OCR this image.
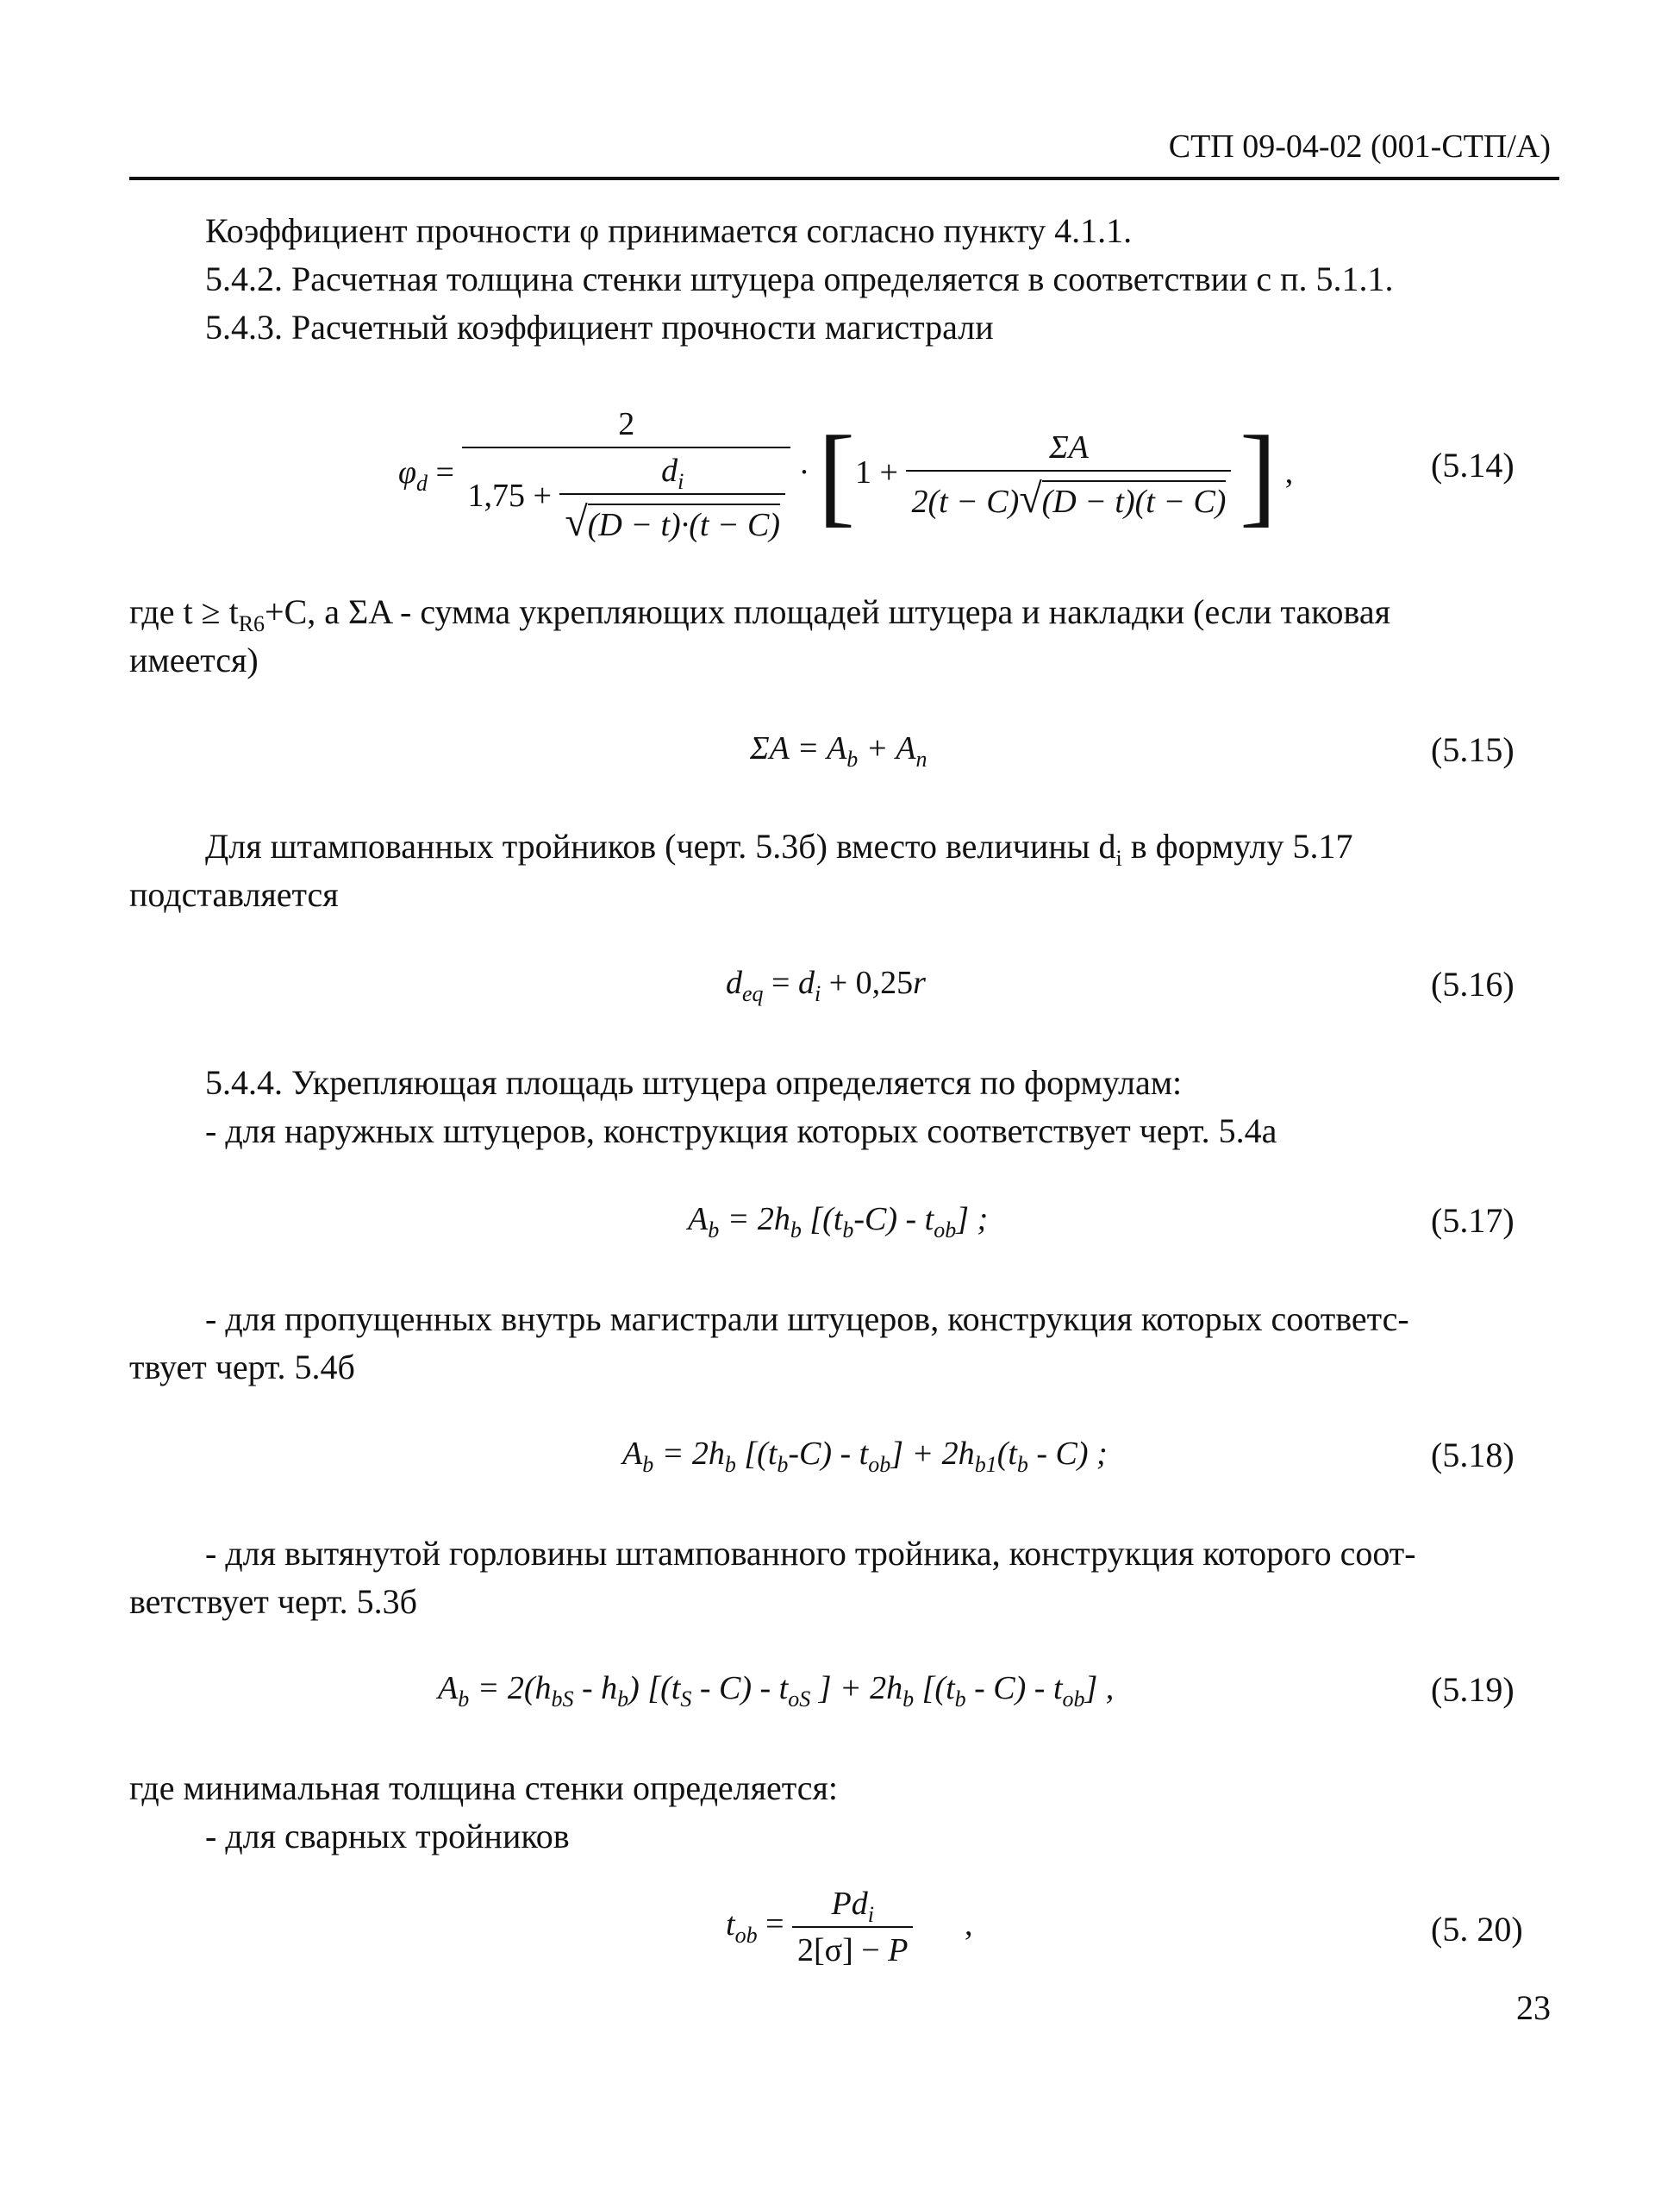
СТП 09-04-02 (001-СТП/А)
Коэффициент прочности φ принимается согласно пункту 4.1.1.
5.4.2. Расчетная толщина стенки штуцера определяется в соответствии с п. 5.1.1.
5.4.3. Расчетный коэффициент прочности магистрали
$\varphi_d = \frac{2}{1,75 + \frac{d_i}{√(D - t)\cdot(t - C)}} \cdot [1 + \frac{\Sigma A}{2(t - C)√(D - t)(t - C)}$ ] ,	(5.14)
где $t \ge t_{R6}+C$, а ΣA - сумма укрепляющих площадей штуцера и накладки (если таковая
имеется)
$\Sigma A = A_b + A_n$	(5.15)
Для штампованных тройников (черт. 5.3б) вместо величины $d_i$ в формулу 5.17
подставляется
$d_{eq} = d_i + 0,25r$	(5.16)
5.4.4. Укрепляющая площадь штуцера определяется по формулам:
- для наружных штуцеров, конструкция которых соответствует черт. 5.4а
$A_b = 2h_b$ $[(t_b-C) - t_{ob}]$ ;	(5.17)
- для пропущенных внутрь магистрали штуцеров, конструкция которых соответс-
твует черт. 5.4б
$A_b = 2h_b$ $[(t_b-C) - t_{ob}] + 2h_{b1}(t_b - C)$ ;	(5.18)
- для вытянутой горловины штампованного тройника, конструкция которого соот-
ветствует черт. 5.3б
$A_b = 2(h_{bS} - h_b)$ [$(t_S - C) - t_{oS}$ ] + $2h_b$ $[(t_b - C) - t_{ob}]$ ,	(5.19)
где минимальная толщина стенки определяется:
- для сварных тройников
$t_{ob} = \frac{Pd_i}{2[\sigma] - P}$ ,	(5. 20)
23
